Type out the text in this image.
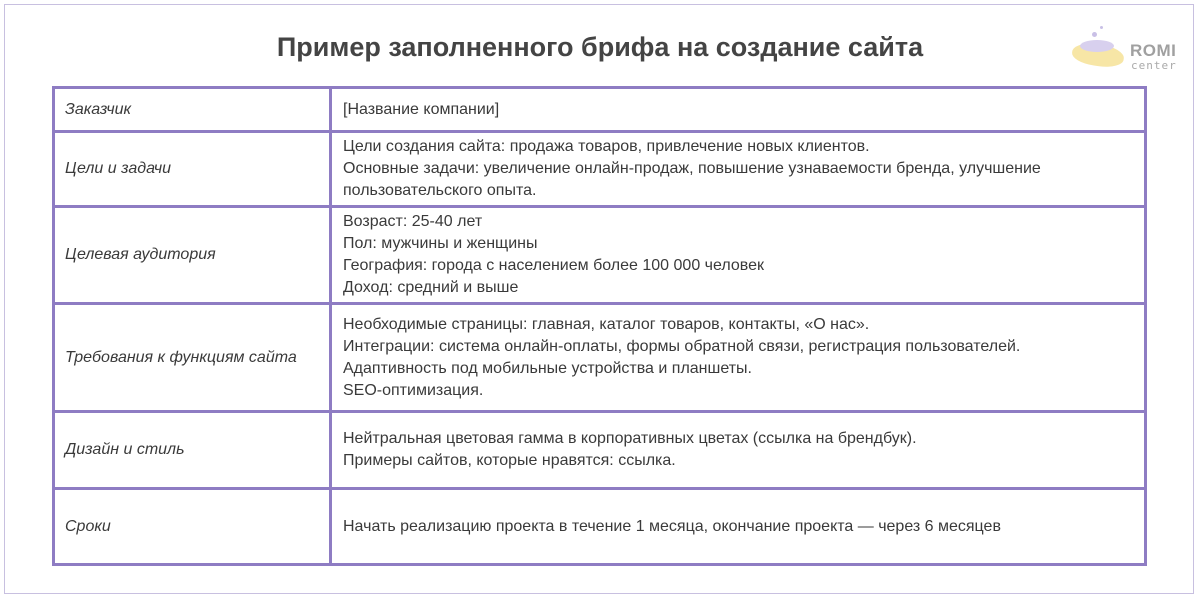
Пример заполненного брифа на создание сайта	ROMI
center
Заказчик	[Название компании]

Цели и задачи	Цели создания сайта: продажа товаров, привлечение новых клиентов.
Основные задачи: увеличение онлайн-продаж, повышение узнаваемости бренда, улучшение пользовательского опыта.

Целевая аудитория	Возраст: 25-40 лет
Пол: мужчины и женщины
География: города с населением более 100 000 человек
Доход: средний и выше

Требования к функциям сайта	Необходимые страницы: главная, каталог товаров, контакты, «О нас».
Интеграции: система онлайн-оплаты, формы обратной связи, регистрация пользователей.
Адаптивность под мобильные устройства и планшеты.
SEO-оптимизация.

Дизайн и стиль	Нейтральная цветовая гамма в корпоративных цветах (ссылка на брендбук).
Примеры сайтов, которые нравятся: ссылка.

Сроки	Начать реализацию проекта в течение 1 месяца, окончание проекта — через 6 месяцев
